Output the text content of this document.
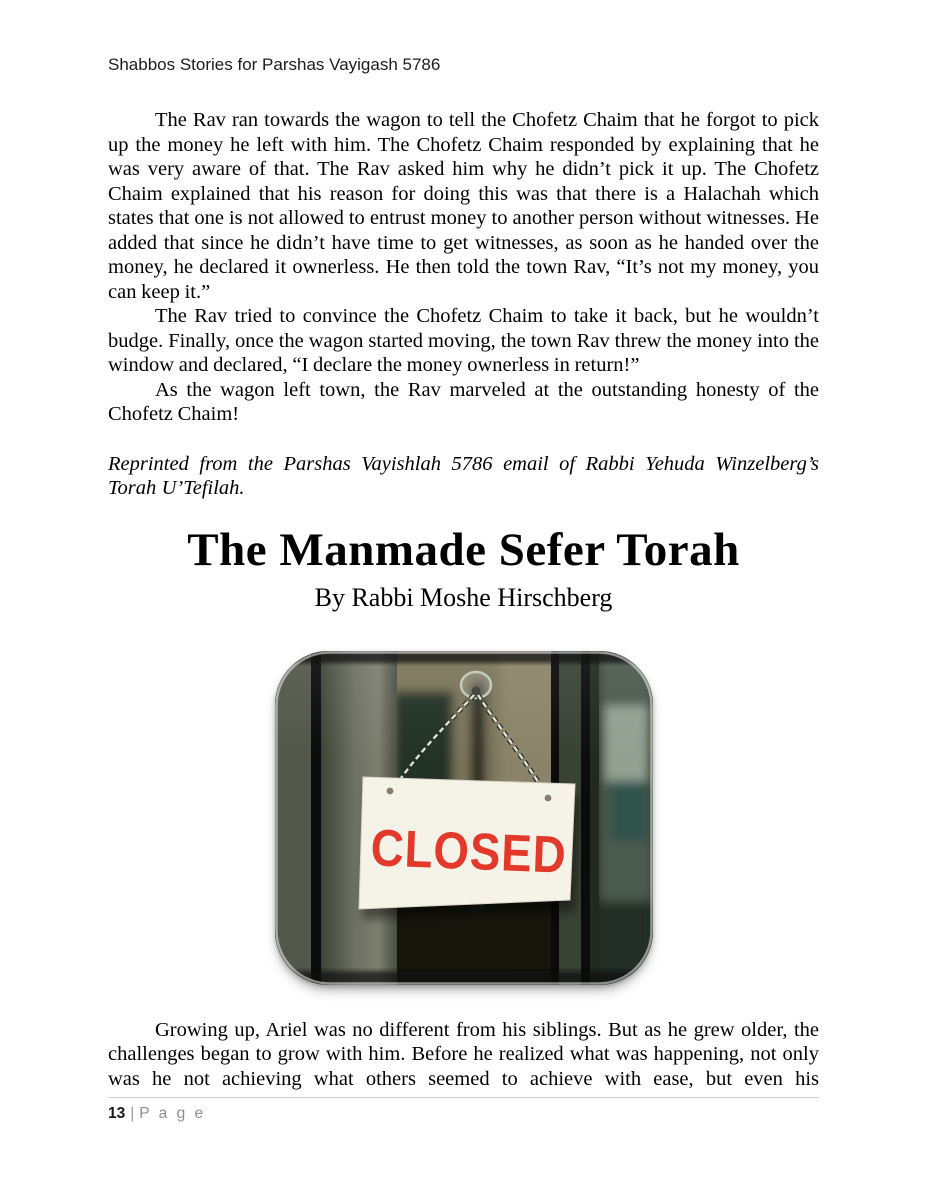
Shabbos Stories for Parshas Vayigash 5786

The Rav ran towards the wagon to tell the Chofetz Chaim that he forgot to pick up the money he left with him. The Chofetz Chaim responded by explaining that he was very aware of that. The Rav asked him why he didn’t pick it up. The Chofetz Chaim explained that his reason for doing this was that there is a Halachah which states that one is not allowed to entrust money to another person without witnesses. He added that since he didn’t have time to get witnesses, as soon as he handed over the money, he declared it ownerless. He then told the town Rav, “It’s not my money, you can keep it.”

The Rav tried to convince the Chofetz Chaim to take it back, but he wouldn’t budge. Finally, once the wagon started moving, the town Rav threw the money into the window and declared, “I declare the money ownerless in return!”

As the wagon left town, the Rav marveled at the outstanding honesty of the Chofetz Chaim!

Reprinted from the Parshas Vayishlah 5786 email of Rabbi Yehuda Winzelberg’s Torah U’Tefilah.

The Manmade Sefer Torah
By Rabbi Moshe Hirschberg
CLOSED

Growing up, Ariel was no different from his siblings. But as he grew older, the challenges began to grow with him. Before he realized what was happening, not only was he not achieving what others seemed to achieve with ease, but even his

13 | P a g e
